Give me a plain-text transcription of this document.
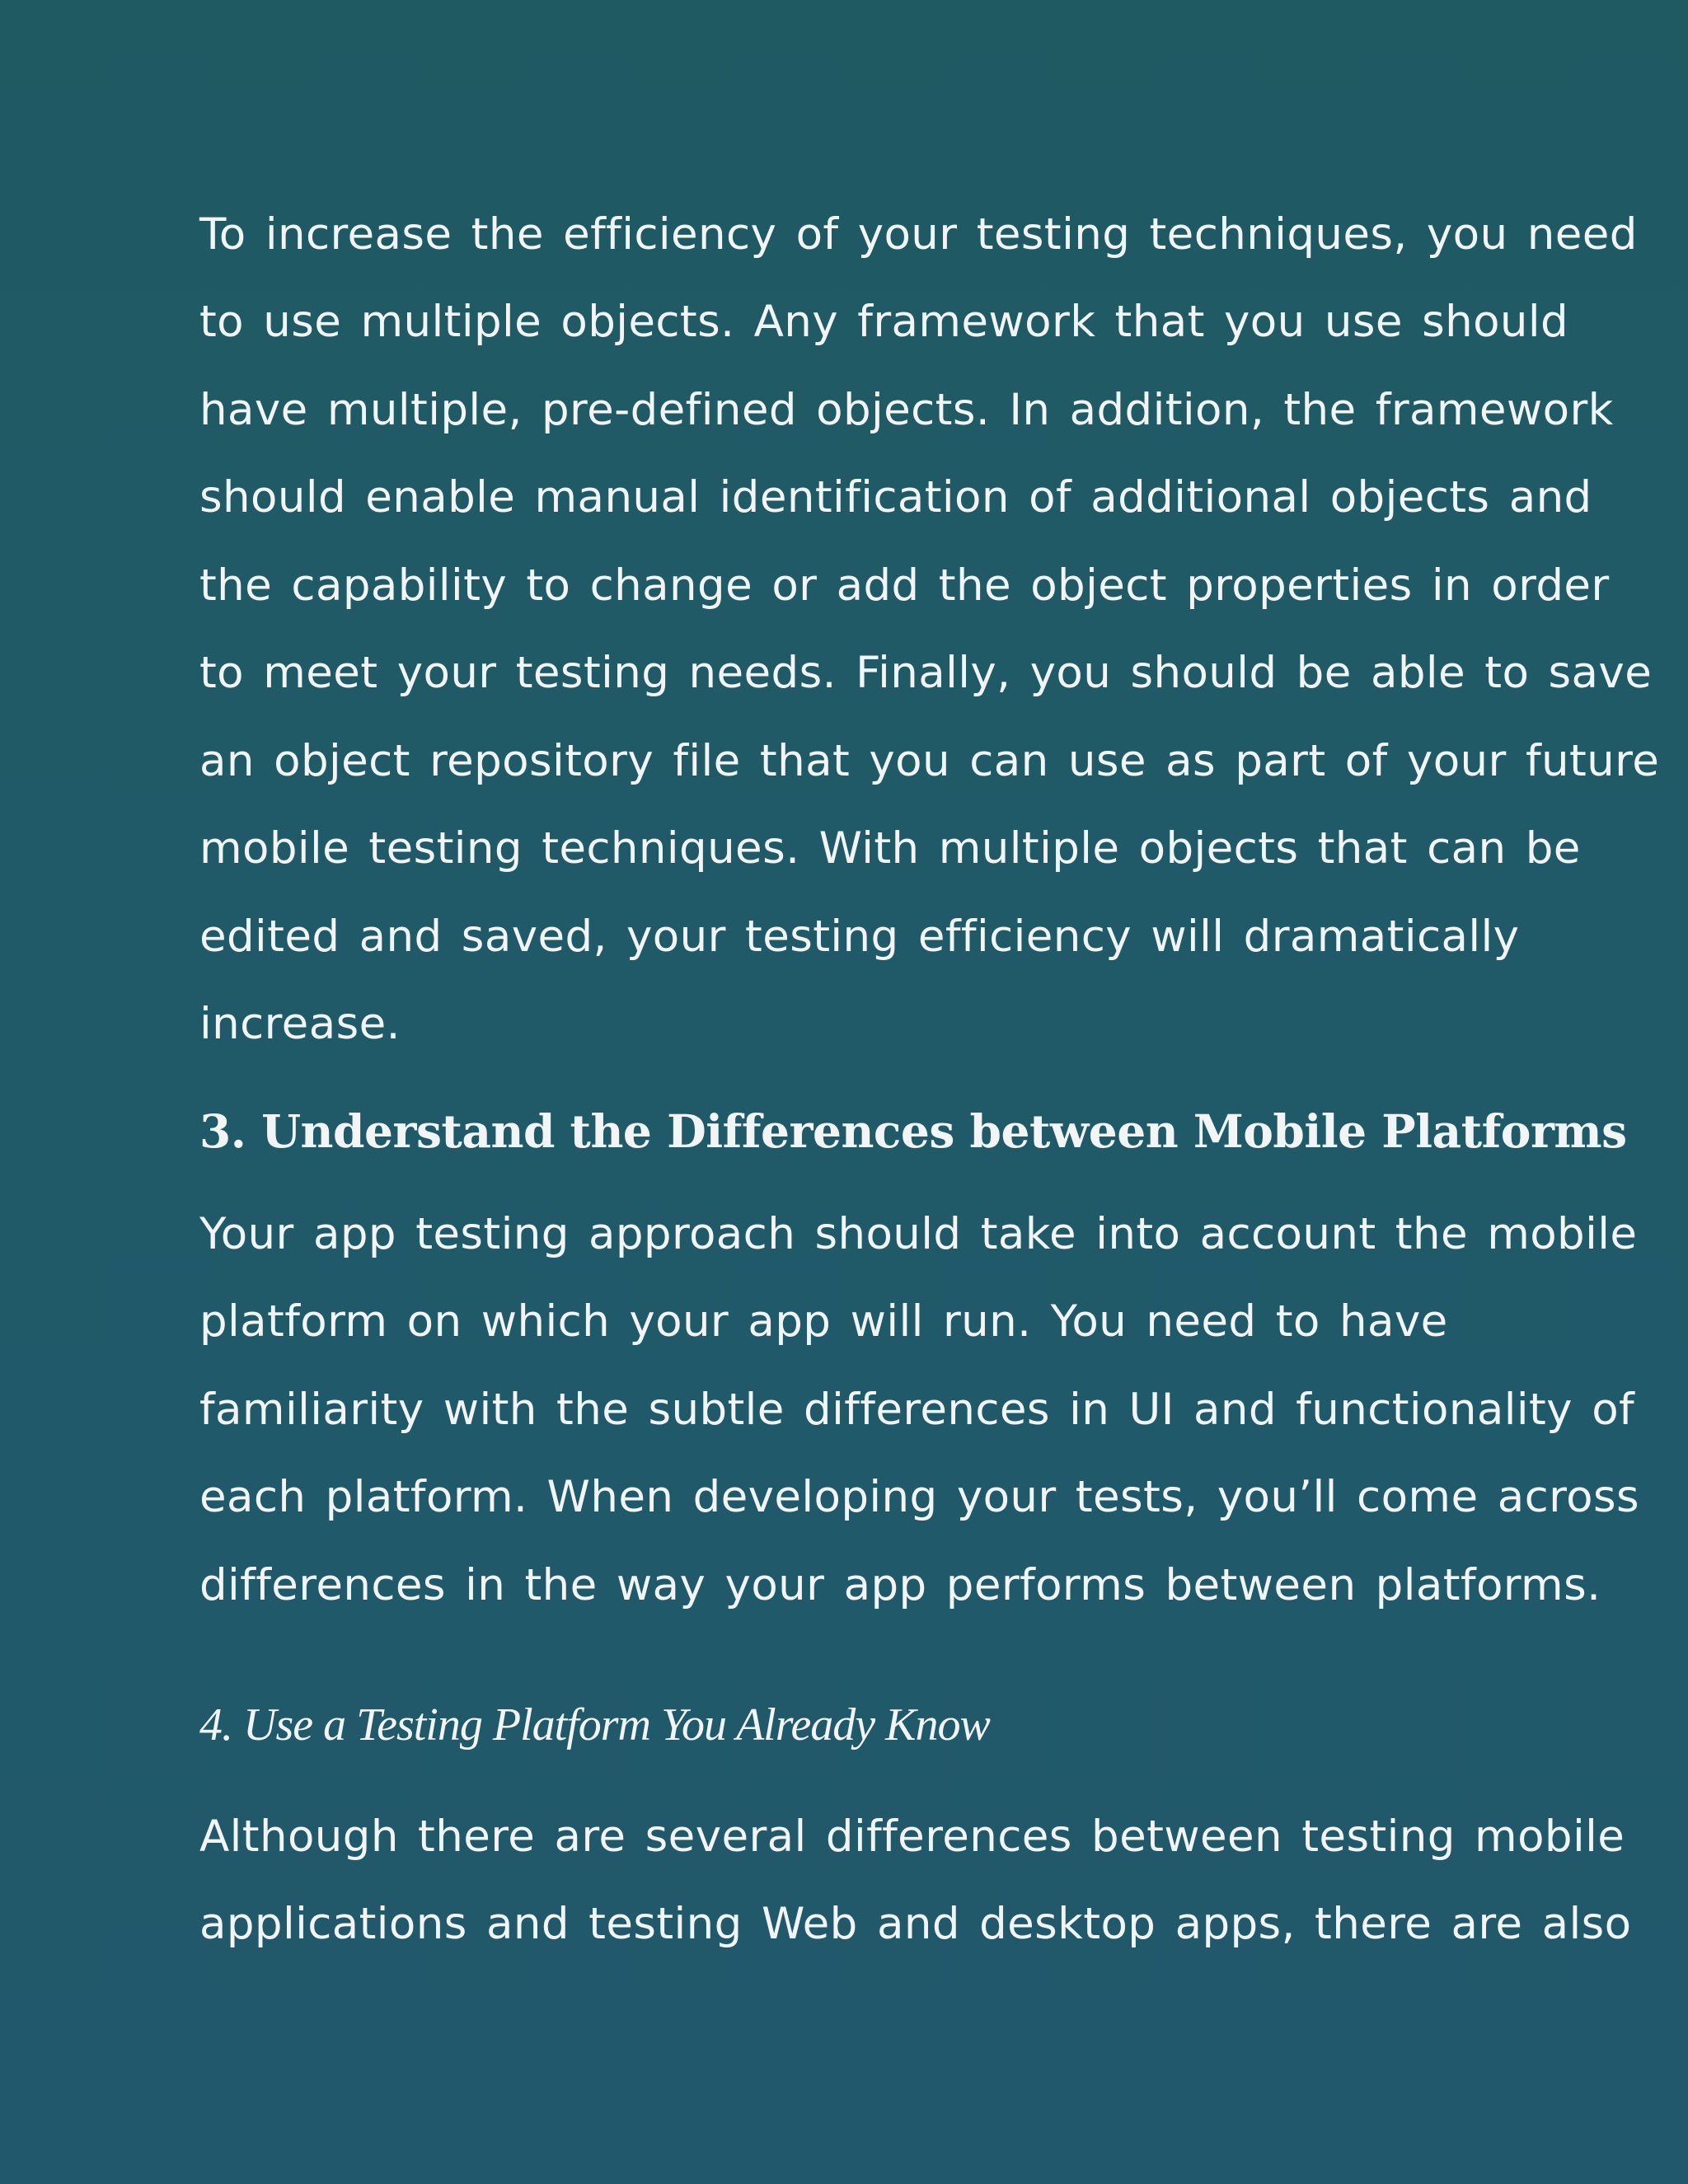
To increase the efficiency of your testing techniques, you need
to use multiple objects. Any framework that you use should
have multiple, pre-defined objects. In addition, the framework
should enable manual identification of additional objects and
the capability to change or add the object properties in order
to meet your testing needs. Finally, you should be able to save
an object repository file that you can use as part of your future
mobile testing techniques. With multiple objects that can be
edited and saved, your testing efficiency will dramatically
increase.
3. Understand the Differences between Mobile Platforms
Your app testing approach should take into account the mobile
platform on which your app will run. You need to have
familiarity with the subtle differences in UI and functionality of
each platform. When developing your tests, you’ll come across
differences in the way your app performs between platforms.
4. Use a Testing Platform You Already Know
Although there are several differences between testing mobile
applications and testing Web and desktop apps, there are also
